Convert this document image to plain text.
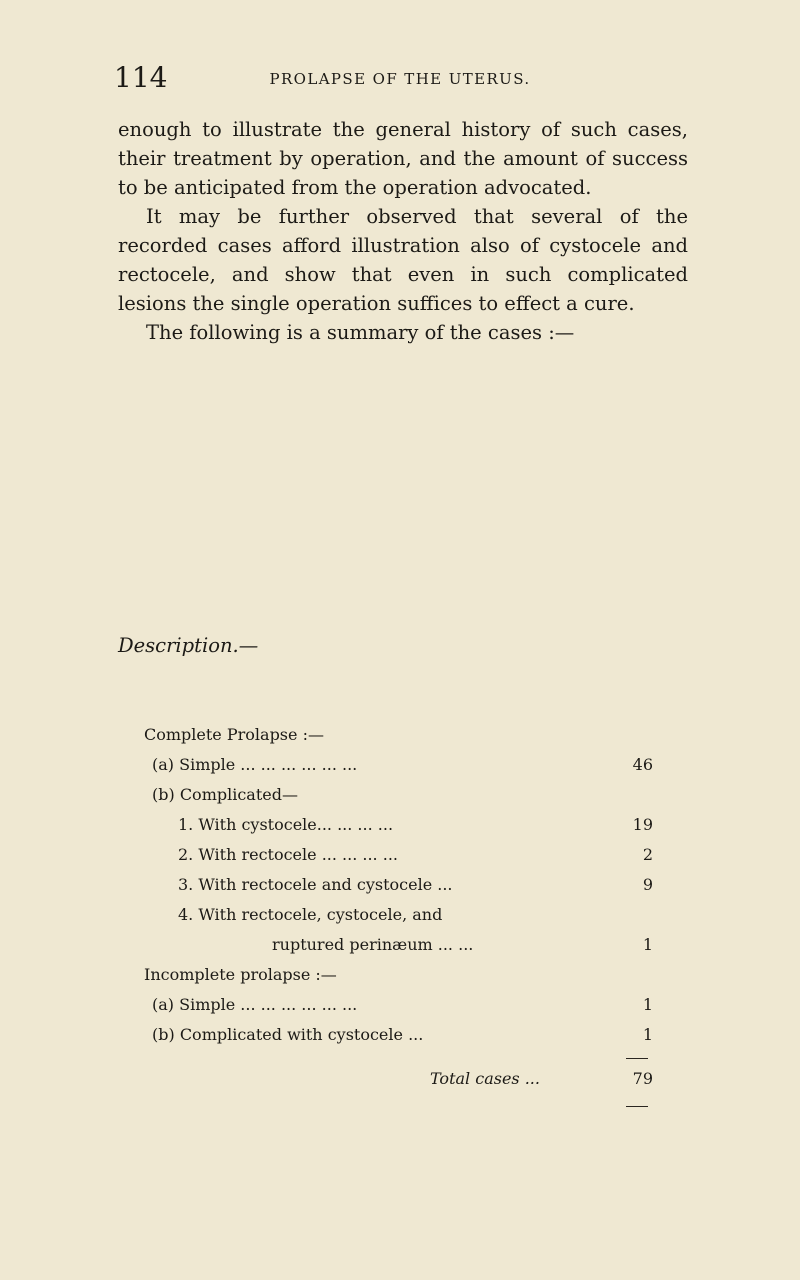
114	PROLAPSE OF THE UTERUS.

enough to illustrate the general history of such cases, their treatment by operation, and the amount of success to be anticipated from the operation advocated.

It may be further observed that several of the recorded cases afford illustration also of cystocele and rectocele, and show that even in such complicated lesions the single operation suffices to effect a cure.

The following is a summary of the cases :—

Description.—
Complete Prolapse :—
(a) Simple ... ... ... ... ... ...	46
(b) Complicated—
1. With cystocele... ... ... ...	19
2. With rectocele ... ... ... ...	2
3. With rectocele and cystocele ...	9
4. With rectocele, cystocele, and
ruptured perinæum ... ...	1
Incomplete prolapse :—
(a) Simple ... ... ... ... ... ...	1
(b) Complicated with cystocele ...	1
Total cases ...	79
